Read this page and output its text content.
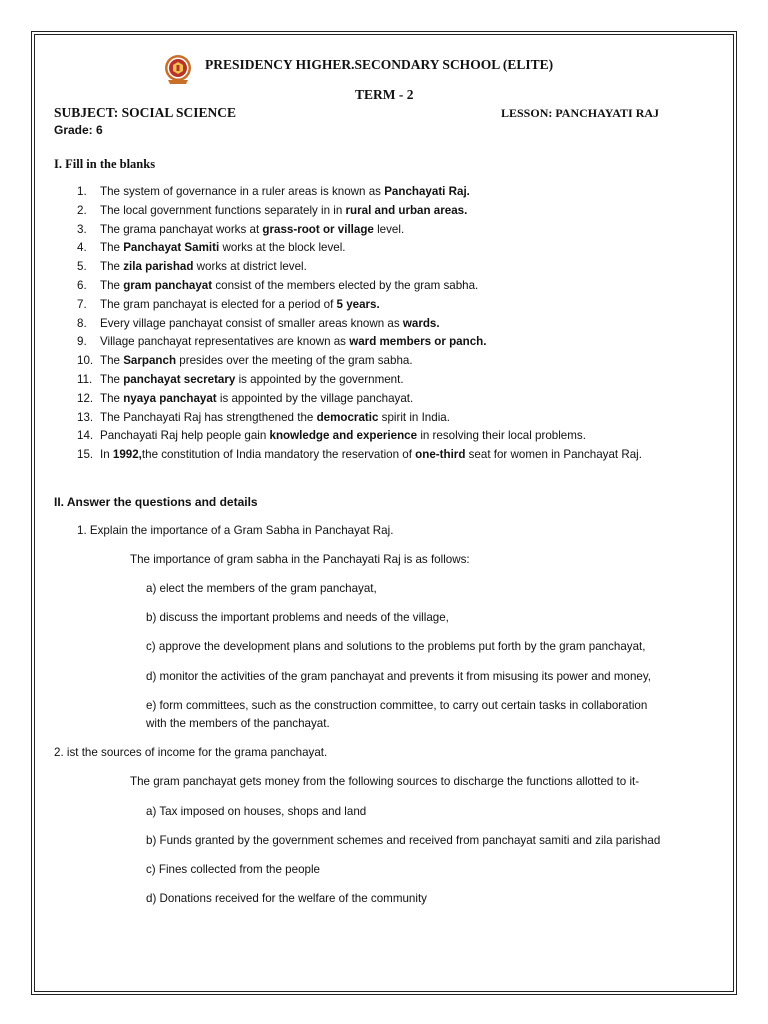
PRESIDENCY HIGHER.SECONDARY SCHOOL (ELITE)
TERM - 2
SUBJECT: SOCIAL SCIENCE	LESSON: PANCHAYATI RAJ
Grade: 6
I. Fill in the blanks
1. The system of governance in a ruler areas is known as Panchayati Raj.
2. The local government functions separately in in rural and urban areas.
3. The grama panchayat works at grass-root or village level.
4. The Panchayat Samiti works at the block level.
5. The zila parishad works at district level.
6. The gram panchayat consist of the members elected by the gram sabha.
7. The gram panchayat is elected for a period of 5 years.
8. Every village panchayat consist of smaller areas known as wards.
9. Village panchayat representatives are known as ward members or panch.
10. The Sarpanch presides over the meeting of the gram sabha.
11. The panchayat secretary is appointed by the government.
12. The nyaya panchayat is appointed by the village panchayat.
13. The Panchayati Raj has strengthened the democratic spirit in India.
14. Panchayati Raj help people gain knowledge and experience in resolving their local problems.
15. In 1992,the constitution of India mandatory the reservation of one-third seat for women in Panchayat Raj.
II. Answer the questions and details
1. Explain the importance of a Gram Sabha in Panchayat Raj.
The importance of gram sabha in the Panchayati Raj is as follows:
a) elect the members of the gram panchayat,
b) discuss the important problems and needs of the village,
c) approve the development plans and solutions to the problems put forth by the gram panchayat,
d) monitor the activities of the gram panchayat and prevents it from misusing its power and money,
e) form committees, such as the construction committee, to carry out certain tasks in collaboration
with the members of the panchayat.
2. ist the sources of income for the grama panchayat.
The gram panchayat gets money from the following sources to discharge the functions allotted to it-
a) Tax imposed on houses, shops and land
b) Funds granted by the government schemes and received from panchayat samiti and zila parishad
c) Fines collected from the people
d) Donations received for the welfare of the community
